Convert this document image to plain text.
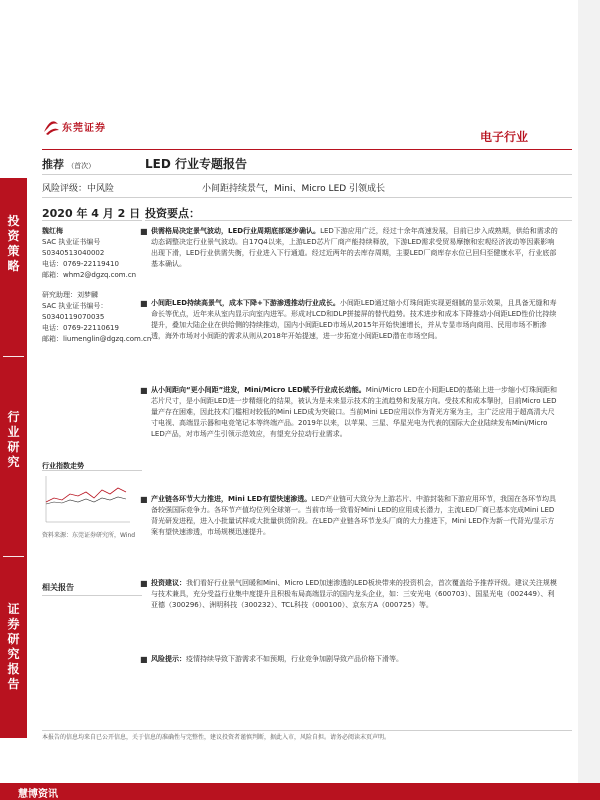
投
资
策
略
行
业
研
究
证
券
研
究
报
告
东莞证券
电子行业
推荐 （首次）	LED 行业专题报告
风险评级：中风险	小间距持续景气，Mini、Micro LED 引领成长
2020 年 4 月 2 日 投资要点：
魏红梅
SAC 执业证书编号
S0340513040002
电话：0769-22119410
邮箱：whm2@dgzq.com.cn
研究助理：刘梦麟
SAC 执业证书编号：
S0340119070035
电话：0769-22110619
邮箱：liumenglin@dgzq.com.cn
行业指数走势
资料来源：东莞证券研究所，Wind
相关报告
■ 供需格局决定景气波动，LED行业周期底部逐步确认。LED下游应用广泛，经过十余年高速发展，目前已步入成熟期，供给和需求的动态调整决定行业景气波动。自17Q4以来，上游LED芯片厂商产能持续释放，下游LED需求受贸易摩擦和宏观经济波动等因素影响出现下滑，LED行业供需失衡，行业进入下行通道。经过近两年的去库存周期，主要LED厂商库存水位已回归至健康水平，行业底部基本确认。
■ 小间距LED持续高景气，成本下降+下游渗透推动行业成长。小间距LED通过缩小灯珠间距实现更细腻的显示效果，且具备无缝和寿命长等优点，近年来从室内显示向室内进军。形成对LCD和DLP拼接屏的替代趋势。技术进步和成本下降推动小间距LED性价比持续提升，叠加大陆企业在供给侧的持续推动，国内小间距LED市场从2015年开始快速增长，并从专显市场向商用、民用市场不断渗透，海外市场对小间距的需求从则从2018年开始提速，进一步拓宽小间距LED潜在市场空间。
■ 从小间距向“更小间距”进发，Mini/Micro LED赋予行业成长动能。Mini/Micro LED在小间距LED的基础上进一步缩小灯珠间距和芯片尺寸，是小间距LED进一步精细化的结果，被认为是未来显示技术的主流趋势和发展方向。受技术和成本掣肘，目前Micro LED量产存在困难，因此技术门槛相对较低的Mini LED成为突破口。当前Mini LED应用以作为背光方案为主，主广泛应用于超高清大尺寸电视、高端显示器和电竞笔记本等终端产品。2019年以来，以苹果、三星、华星光电为代表的国际大企业陆续发布Mini/Micro LED产品，对市场产生引领示范效应，有望充分拉动行业需求。
■ 产业链各环节大力推进，Mini LED有望快速渗透。LED产业链可大致分为上游芯片、中游封装和下游应用环节，我国在各环节均具备较强国际竞争力。各环节产值均位列全球第一。当前市场一致看好Mini LED的应用成长潜力，主流LED厂商已基本完成Mini LED背光研发进程，进入小批量试样或大批量供货阶段。在LED产业链各环节龙头厂商的大力推进下，Mini LED作为新一代背光/显示方案有望快速渗透，市场规模迅速提升。
■ 投资建议：我们看好行业景气回暖和Mini、Micro LED加速渗透的LED板块带来的投资机会，首次覆盖给予推荐评级。建议关注规模与技术兼具，充分受益行业集中度提升且积极布局高端显示的国内龙头企业，如：三安光电（600703）、国星光电（002449）、利亚德（300296）、洲明科技（300232）、TCL科技（000100）、京东方A（000725）等。
■ 风险提示：疫情持续导致下游需求不如预期，行业竞争加剧导致产品价格下滑等。
本报告的信息均来自已公开信息，关于信息的准确性与完整性，建议投资者谨慎判断，据此入市，风险自担。请务必阅读末页声明。
慧博资讯
